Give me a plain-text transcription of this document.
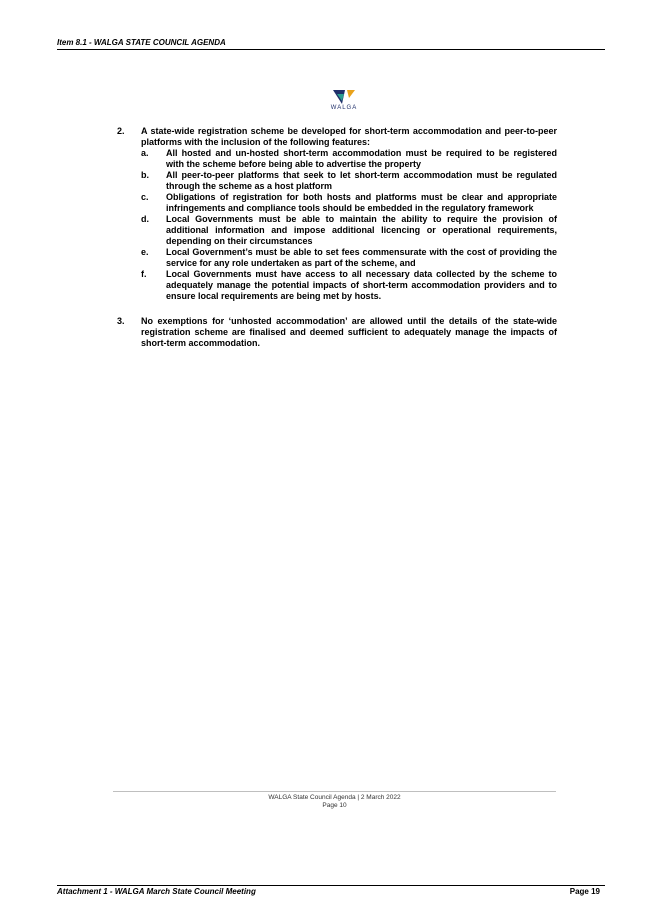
Item 8.1 - WALGA STATE COUNCIL AGENDA
WALGA
2.	A state-wide registration scheme be developed for short-term accommodation and peer-to-peer platforms with the inclusion of the following features:
a.	All hosted and un-hosted short-term accommodation must be required to be registered with the scheme before being able to advertise the property
b.	All peer-to-peer platforms that seek to let short-term accommodation must be regulated through the scheme as a host platform
c.	Obligations of registration for both hosts and platforms must be clear and appropriate infringements and compliance tools should be embedded in the regulatory framework
d.	Local Governments must be able to maintain the ability to require the provision of additional information and impose additional licencing or operational requirements, depending on their circumstances
e.	Local Government’s must be able to set fees commensurate with the cost of providing the service for any role undertaken as part of the scheme, and
f.	Local Governments must have access to all necessary data collected by the scheme to adequately manage the potential impacts of short-term accommodation providers and to ensure local requirements are being met by hosts.
3.	No exemptions for ‘unhosted accommodation’ are allowed until the details of the state-wide registration scheme are finalised and deemed sufficient to adequately manage the impacts of short-term accommodation.
WALGA State Council Agenda | 2 March 2022
Page 10
Attachment 1 - WALGA March State Council Meeting	Page 19
